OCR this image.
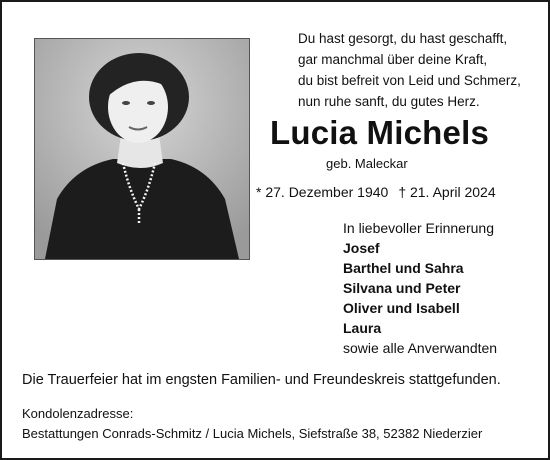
Du hast gesorgt, du hast geschafft,
gar manchmal über deine Kraft,
du bist befreit von Leid und Schmerz,
nun ruhe sanft, du gutes Herz.
Lucia Michels
geb. Maleckar
* 27. Dezember 1940 † 21. April 2024
In liebevoller Erinnerung
Josef
Barthel und Sahra
Silvana und Peter
Oliver und Isabell
Laura
sowie alle Anverwandten
Die Trauerfeier hat im engsten Familien- und Freundeskreis stattgefunden.
Kondolenzadresse:
Bestattungen Conrads-Schmitz / Lucia Michels, Siefstraße 38, 52382 Niederzier
